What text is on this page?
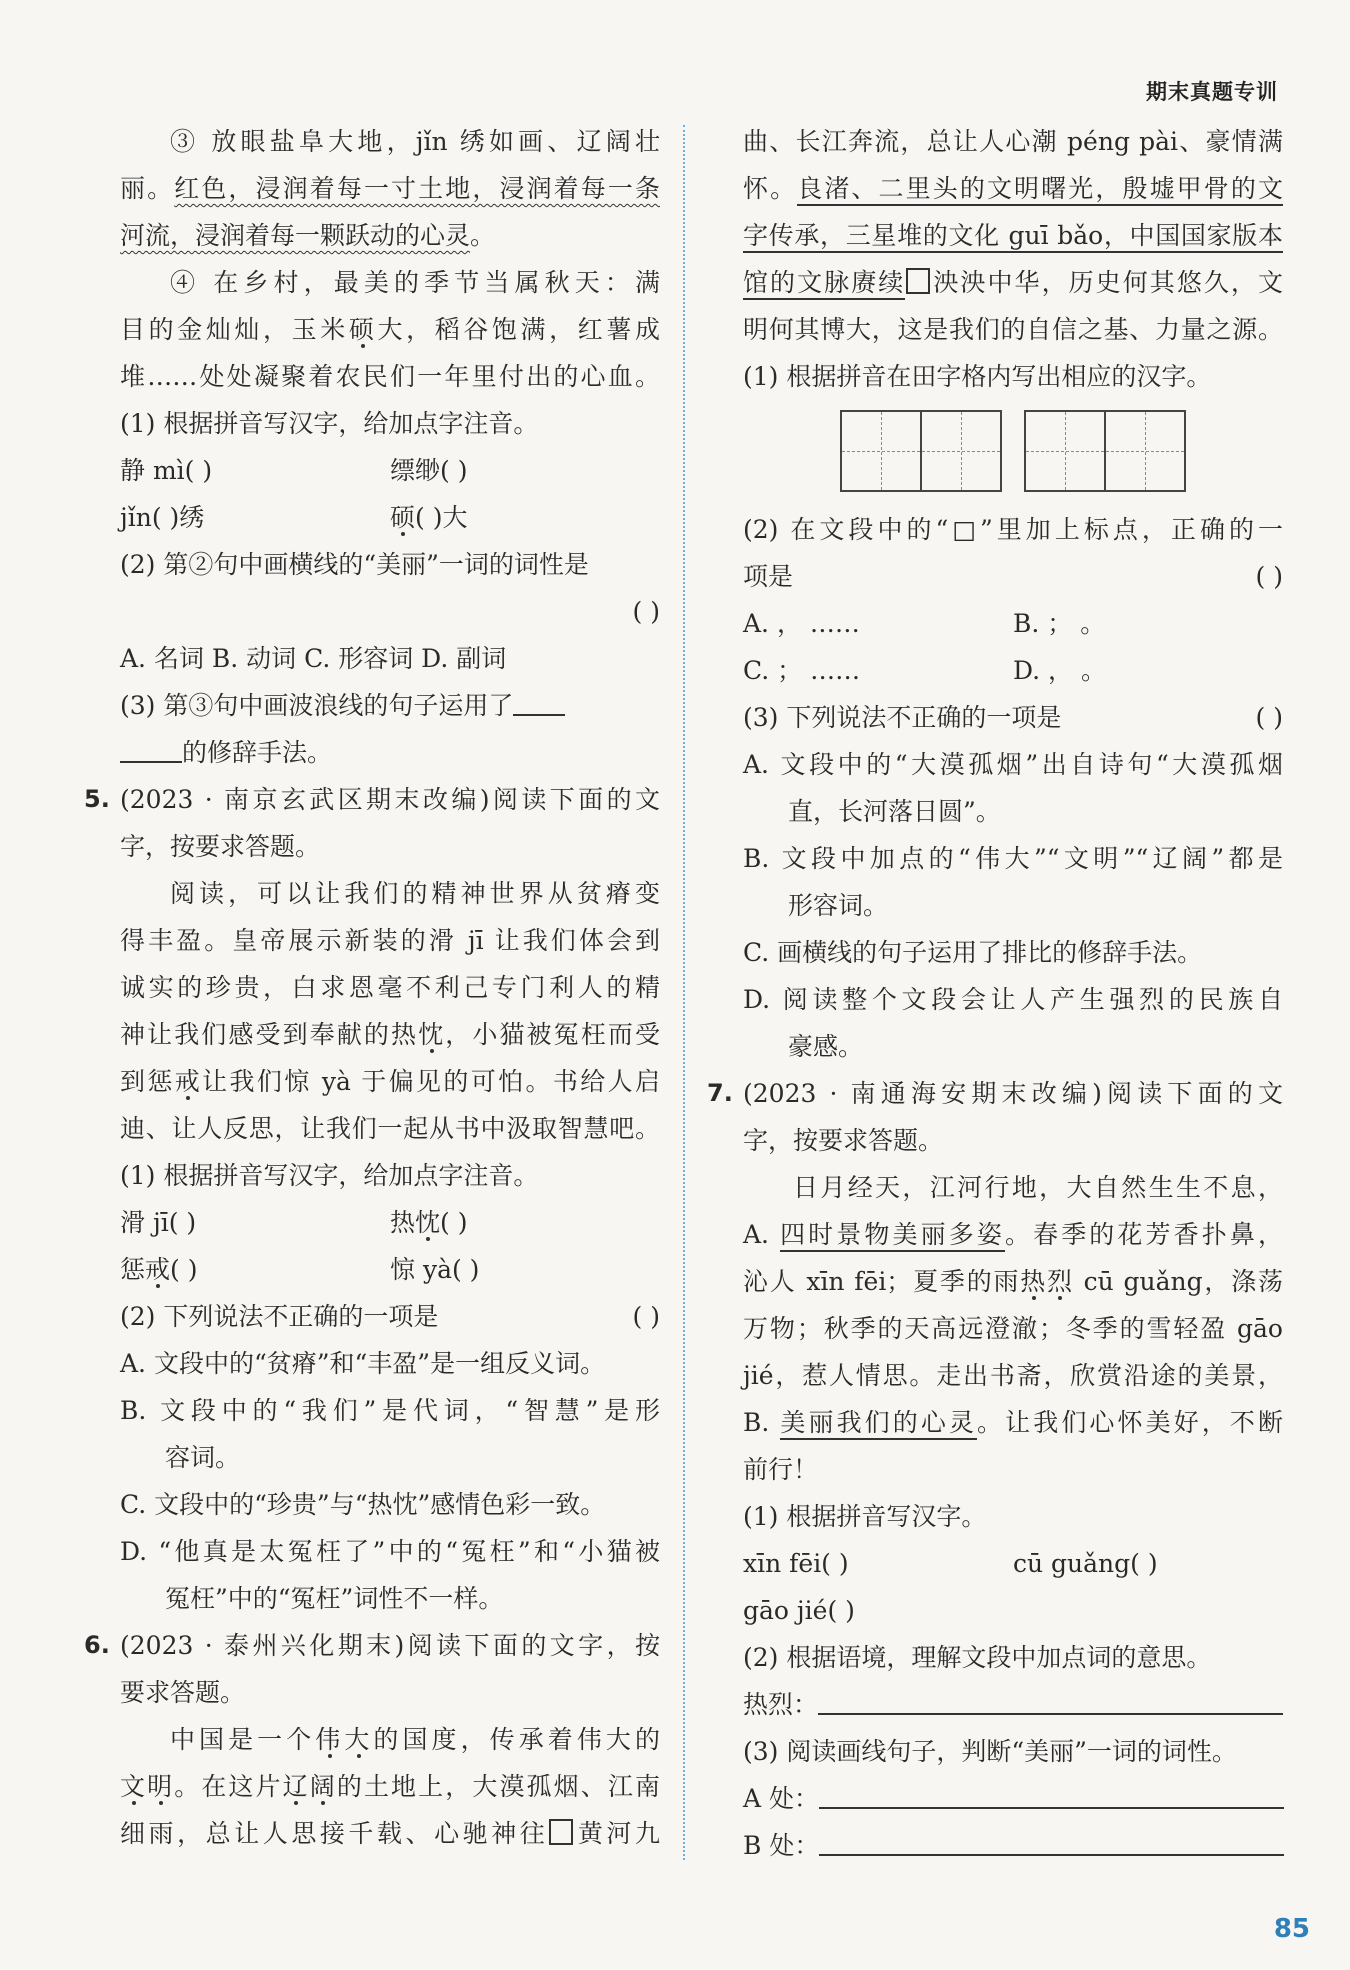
期末真题专训
③ 放眼盐阜大地，jǐn 绣如画、辽阔壮
丽。红色，浸润着每一寸土地，浸润着每一条
河流，浸润着每一颗跃动的心灵。
④ 在乡村，最美的季节当属秋天：满
目的金灿灿，玉米硕大，稻谷饱满，红薯成
堆……处处凝聚着农民们一年里付出的心血。
(1) 根据拼音写汉字，给加点字注音。
静 mì( )	缥缈( )
jǐn( )绣	硕( )大
(2) 第②句中画横线的“美丽”一词的词性是
( )
A. 名词 B. 动词 C. 形容词 D. 副词
(3) 第③句中画波浪线的句子运用了
的修辞手法。
5. (2023 · 南京玄武区期末改编)阅读下面的文
字，按要求答题。
阅读，可以让我们的精神世界从贫瘠变
得丰盈。皇帝展示新装的滑 jī 让我们体会到
诚实的珍贵，白求恩毫不利己专门利人的精
神让我们感受到奉献的热忱，小猫被冤枉而受
到惩戒让我们惊 yà 于偏见的可怕。书给人启
迪、让人反思，让我们一起从书中汲取智慧吧。
(1) 根据拼音写汉字，给加点字注音。
滑 jī( )	热忱( )
惩戒( )	惊 yà( )
(2) 下列说法不正确的一项是	( )
A. 文段中的“贫瘠”和“丰盈”是一组反义词。
B. 文段中的“我们”是代词，“智慧”是形
容词。
C. 文段中的“珍贵”与“热忱”感情色彩一致。
D. “他真是太冤枉了”中的“冤枉”和“小猫被
冤枉”中的“冤枉”词性不一样。
6. (2023 · 泰州兴化期末)阅读下面的文字，按
要求答题。
中国是一个伟大的国度，传承着伟大的
文明。在这片辽阔的土地上，大漠孤烟、江南
细雨，总让人思接千载、心驰神往 黄河九
曲、长江奔流，总让人心潮 péng pài、豪情满
怀。良渚、二里头的文明曙光，殷墟甲骨的文
字传承，三星堆的文化 guī bǎo，中国国家版本
馆的文脉赓续 泱泱中华，历史何其悠久，文
明何其博大，这是我们的自信之基、力量之源。
(1) 根据拼音在田字格内写出相应的汉字。
(2) 在文段中的“□”里加上标点，正确的一
项是	( )
A. ， ……	B. ； 。
C. ； ……	D. ， 。
(3) 下列说法不正确的一项是	( )
A. 文段中的“大漠孤烟”出自诗句“大漠孤烟
直，长河落日圆”。
B. 文段中加点的“伟大”“文明”“辽阔”都是
形容词。
C. 画横线的句子运用了排比的修辞手法。
D. 阅读整个文段会让人产生强烈的民族自
豪感。
7. (2023 · 南通海安期末改编)阅读下面的文
字，按要求答题。
日月经天，江河行地，大自然生生不息，
A. 四时景物美丽多姿。春季的花芳香扑鼻，
沁人 xīn fēi；夏季的雨热烈 cū guǎng，涤荡
万物；秋季的天高远澄澈；冬季的雪轻盈 gāo
jié，惹人情思。走出书斋，欣赏沿途的美景，
B. 美丽我们的心灵。让我们心怀美好，不断
前行！
(1) 根据拼音写汉字。
xīn fēi( )	cū guǎng( )
gāo jié( )
(2) 根据语境，理解文段中加点词的意思。
热烈：
(3) 阅读画线句子，判断“美丽”一词的词性。
A 处：
B 处：
85
